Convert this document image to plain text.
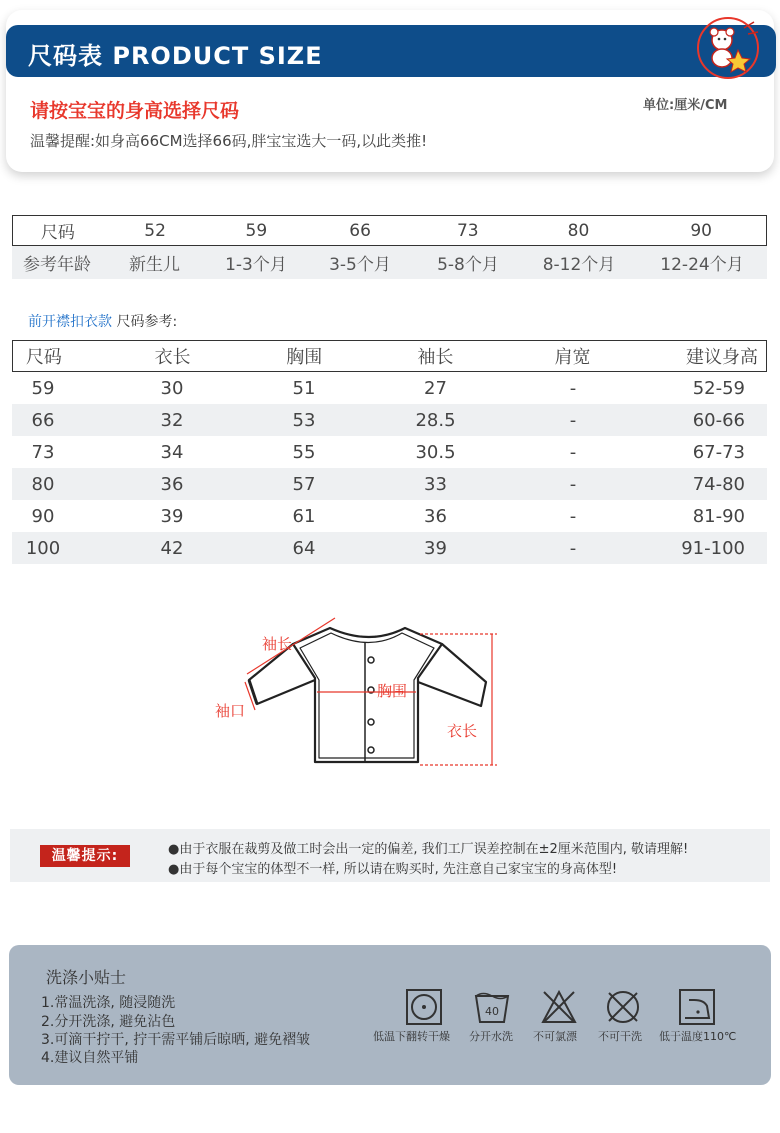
尺码表 PRODUCT SIZE
请按宝宝的身高选择尺码	单位:厘米/CM
温馨提醒:如身高66CM选择66码,胖宝宝选大一码,以此类推!
尺码	52	59	66	73	80	90
参考年龄	新生儿	1-3个月	3-5个月	5-8个月	8-12个月	12-24个月
前开襟扣衣款 尺码参考:
尺码	衣长	胸围	袖长	肩宽	建议身高
59	30	51	27	-	52-59
66	32	53	28.5	-	60-66
73	34	55	30.5	-	67-73
80	36	57	33	-	74-80
90	39	61	36	-	81-90
100	42	64	39	-	91-100
袖长
胸围
袖口
衣长
温馨提示:	●由于衣服在裁剪及做工时会出一定的偏差, 我们工厂误差控制在±2厘米范围内, 敬请理解!
●由于每个宝宝的体型不一样, 所以请在购买时, 先注意自己家宝宝的身高体型!
洗涤小贴士
1.常温洗涤, 随浸随洗
2.分开洗涤, 避免沾色
3.可滴干拧干, 拧干需平铺后晾晒, 避免褶皱
4.建议自然平铺
低温下翻转干燥
40
分开水洗 不可氯漂 不可干洗 低于温度110℃
